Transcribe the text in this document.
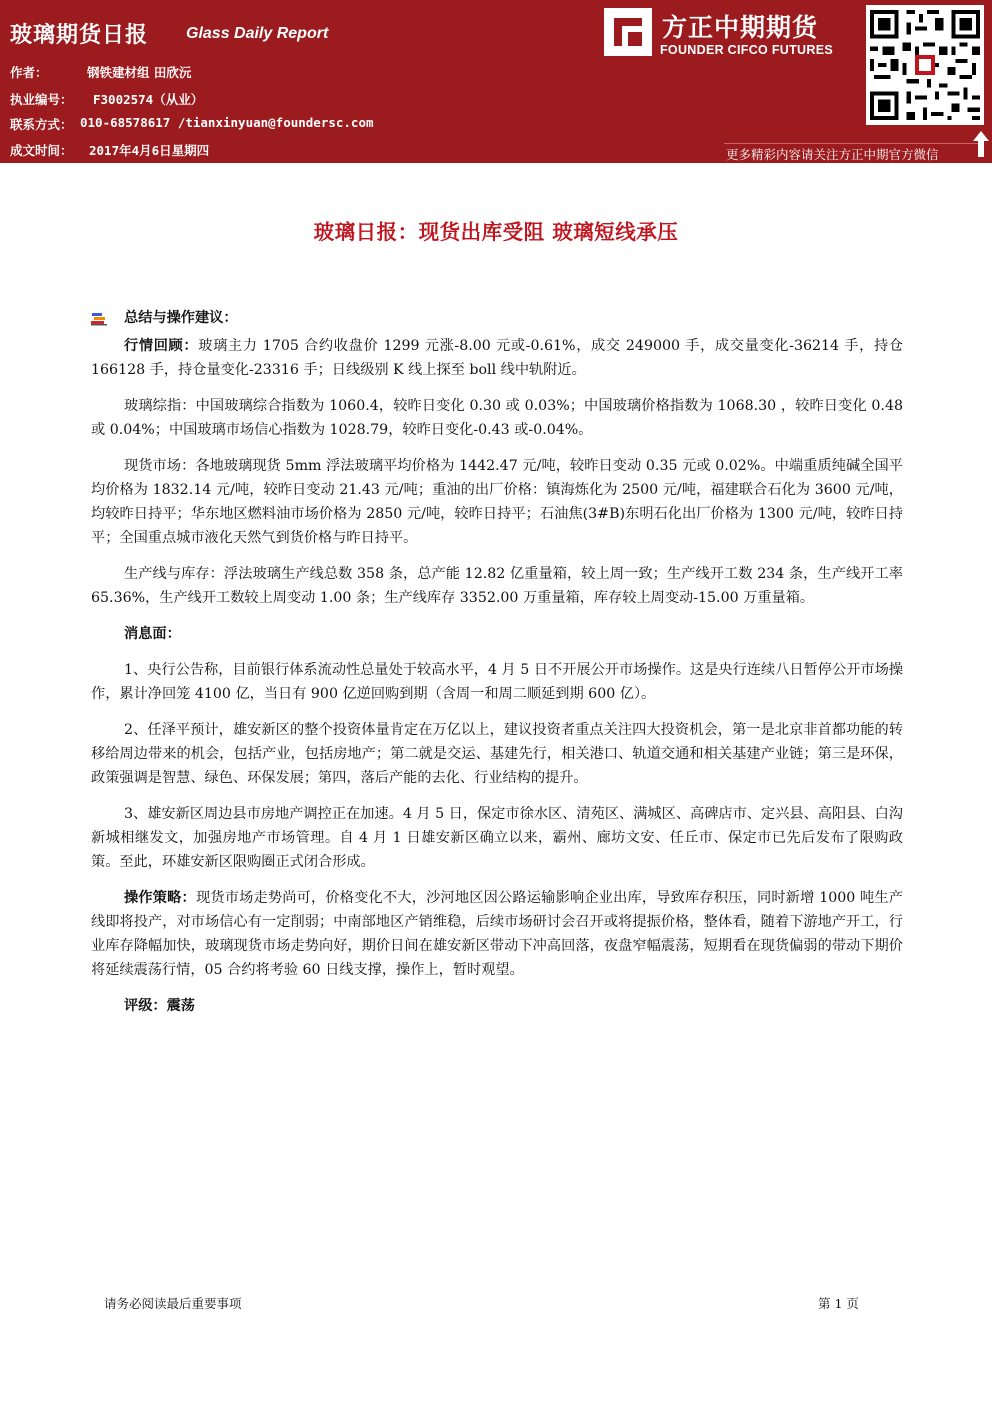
玻璃期货日报 Glass Daily Report
作者：	钢铁建材组 田欣沅
执业编号： F3002574（从业）
联系方式： 010-68578617 /tianxinyuan@foundersc.com
成文时间： 2017年4月6日星期四
方正中期期货
FOUNDER CIFCO FUTURES
更多精彩内容请关注方正中期官方微信
玻璃日报：现货出库受阻 玻璃短线承压
总结与操作建议：

行情回顾：玻璃主力 1705 合约收盘价 1299 元涨-8.00 元或-0.61%，成交 249000 手，成交量变化-36214 手，持仓 166128 手，持仓量变化-23316 手；日线级别 K 线上探至 boll 线中轨附近。

玻璃综指：中国玻璃综合指数为 1060.4，较昨日变化 0.30 或 0.03%；中国玻璃价格指数为 1068.30 ，较昨日变化 0.48 或 0.04%；中国玻璃市场信心指数为 1028.79，较昨日变化-0.43 或-0.04%。

现货市场：各地玻璃现货 5mm 浮法玻璃平均价格为 1442.47 元/吨，较昨日变动 0.35 元或 0.02%。中端重质纯碱全国平均价格为 1832.14 元/吨，较昨日变动 21.43 元/吨；重油的出厂价格：镇海炼化为 2500 元/吨，福建联合石化为 3600 元/吨，均较昨日持平；华东地区燃料油市场价格为 2850 元/吨，较昨日持平；石油焦(3#B)东明石化出厂价格为 1300 元/吨，较昨日持平；全国重点城市液化天然气到货价格与昨日持平。

生产线与库存：浮法玻璃生产线总数 358 条，总产能 12.82 亿重量箱，较上周一致；生产线开工数 234 条，生产线开工率 65.36%，生产线开工数较上周变动 1.00 条；生产线库存 3352.00 万重量箱，库存较上周变动-15.00 万重量箱。

消息面：

1、央行公告称，目前银行体系流动性总量处于较高水平，4 月 5 日不开展公开市场操作。这是央行连续八日暂停公开市场操作，累计净回笼 4100 亿，当日有 900 亿逆回购到期（含周一和周二顺延到期 600 亿）。

2、任泽平预计，雄安新区的整个投资体量肯定在万亿以上，建议投资者重点关注四大投资机会，第一是北京非首都功能的转移给周边带来的机会，包括产业，包括房地产；第二就是交运、基建先行，相关港口、轨道交通和相关基建产业链；第三是环保，政策强调是智慧、绿色、环保发展；第四，落后产能的去化、行业结构的提升。

3、雄安新区周边县市房地产调控正在加速。4 月 5 日，保定市徐水区、清苑区、满城区、高碑店市、定兴县、高阳县、白沟新城相继发文，加强房地产市场管理。自 4 月 1 日雄安新区确立以来，霸州、廊坊文安、任丘市、保定市已先后发布了限购政策。至此，环雄安新区限购圈正式闭合形成。

操作策略：现货市场走势尚可，价格变化不大，沙河地区因公路运输影响企业出库，导致库存积压，同时新增 1000 吨生产线即将投产，对市场信心有一定削弱；中南部地区产销维稳，后续市场研讨会召开或将提振价格，整体看，随着下游地产开工，行业库存降幅加快，玻璃现货市场走势向好，期价日间在雄安新区带动下冲高回落，夜盘窄幅震荡，短期看在现货偏弱的带动下期价将延续震荡行情，05 合约将考验 60 日线支撑，操作上，暂时观望。

评级：震荡

请务必阅读最后重要事项	第 1 页
